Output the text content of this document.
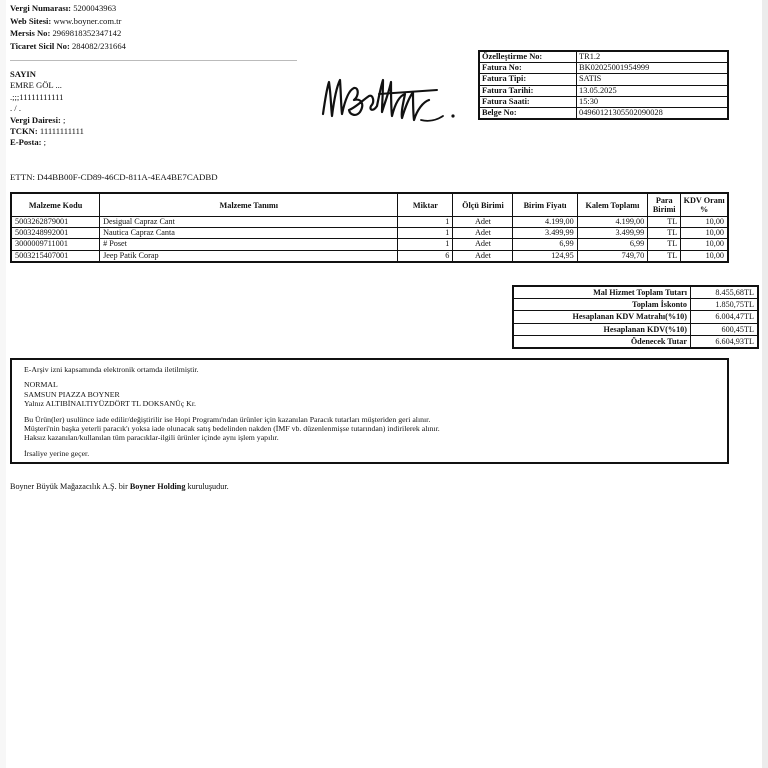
Vergi Numarası: 5200043963
Web Sitesi: www.boyner.com.tr
Mersis No: 2969818352347142
Ticaret Sicil No: 284082/231664
SAYIN
EMRE GÖL ...
.;;;11111111111
. / .
Vergi Dairesi: ;
TCKN: 11111111111
E-Posta: ;
Özelleştirme No:	TR1.2
Fatura No:	BK02025001954999
Fatura Tipi:	SATIS
Fatura Tarihi:	13.05.2025
Fatura Saati:	15:30
Belge No:	04960121305502090028
ETTN: D44BB00F-CD89-46CD-811A-4EA4BE7CADBD
Malzeme Kodu	Malzeme Tanımı	Miktar	Ölçü Birimi	Birim Fiyatı	Kalem Toplamı	Para Birimi	KDV Oranı %
5003262879001	Desigual Capraz Cant	1	Adet	4.199,00	4.199,00	TL	10,00
5003248992001	Nautica Capraz Canta	1	Adet	3.499,99	3.499,99	TL	10,00
3000009711001	# Poset	1	Adet	6,99	6,99	TL	10,00
5003215407001	Jeep Patik Corap	6	Adet	124,95	749,70	TL	10,00
Mal Hizmet Toplam Tutarı	8.455,68TL
Toplam İskonto	1.850,75TL
Hesaplanan KDV Matrahı(%10)	6.004,47TL
Hesaplanan KDV(%10)	600,45TL
Ödenecek Tutar	6.604,93TL
E-Arşiv izni kapsamında elektronik ortamda iletilmiştir.
NORMAL
SAMSUN PIAZZA BOYNER
Yalnız ALTIBİNALTIYÜZDÖRT TL DOKSANÜç Kr.
Bu Ürün(ler) usulünce iade edilir/değiştirilir ise Hopi Programı'ndan ürünler için kazanılan Paracık tutarları müşteriden geri alınır.
Müşteri'nin başka yeterli paracık'ı yoksa iade olunacak satış bedelinden nakden (İMF vb. düzenlenmişse tutarından) indirilerek alınır.
Haksız kazanılan/kullanılan tüm paracıklar-ilgili ürünler içinde aynı işlem yapılır.
İrsaliye yerine geçer.
Boyner Büyük Mağazacılık A.Ş. bir Boyner Holding kuruluşudur.
